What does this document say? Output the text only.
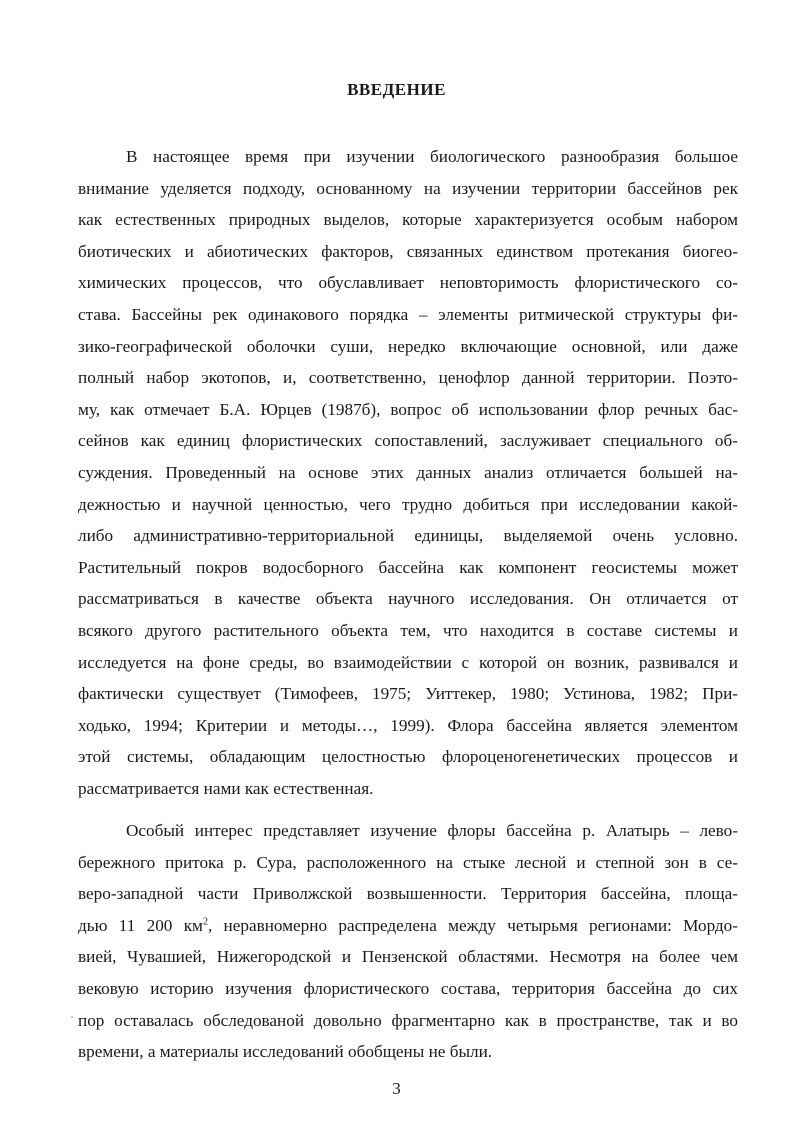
ВВЕДЕНИЕ
В настоящее время при изучении биологического разнообразия большое
внимание уделяется подходу, основанному на изучении территории бассейнов рек
как естественных природных выделов, которые характеризуется особым набором
биотических и абиотических факторов, связанных единством протекания биогео-
химических процессов, что обуславливает неповторимость флористического со-
става. Бассейны рек одинакового порядка – элементы ритмической структуры фи-
зико-географической оболочки суши, нередко включающие основной, или даже
полный набор экотопов, и, соответственно, ценофлор данной территории. Поэто-
му, как отмечает Б.А. Юрцев (1987б), вопрос об использовании флор речных бас-
сейнов как единиц флористических сопоставлений, заслуживает специального об-
суждения. Проведенный на основе этих данных анализ отличается большей на-
дежностью и научной ценностью, чего трудно добиться при исследовании какой-
либо административно-территориальной единицы, выделяемой очень условно.
Растительный покров водосборного бассейна как компонент геосистемы может
рассматриваться в качестве объекта научного исследования. Он отличается от
всякого другого растительного объекта тем, что находится в составе системы и
исследуется на фоне среды, во взаимодействии с которой он возник, развивался и
фактически существует (Тимофеев, 1975; Уиттекер, 1980; Устинова, 1982; При-
ходько, 1994; Критерии и методы…, 1999). Флора бассейна является элементом
этой системы, обладающим целостностью флороценогенетических процессов и
рассматривается нами как естественная.
Особый интерес представляет изучение флоры бассейна р. Алатырь – лево-
бережного притока р. Сура, расположенного на стыке лесной и степной зон в се-
веро-западной части Приволжской возвышенности. Территория бассейна, площа-
дью 11 200 $км^2$, неравномерно распределена между четырьмя регионами: Мордо-
вией, Чувашией, Нижегородской и Пензенской областями. Несмотря на более чем
вековую историю изучения флористического состава, территория бассейна до сих
пор оставалась обследованой довольно фрагментарно как в пространстве, так и во
времени, а материалы исследований обобщены не были.

3
